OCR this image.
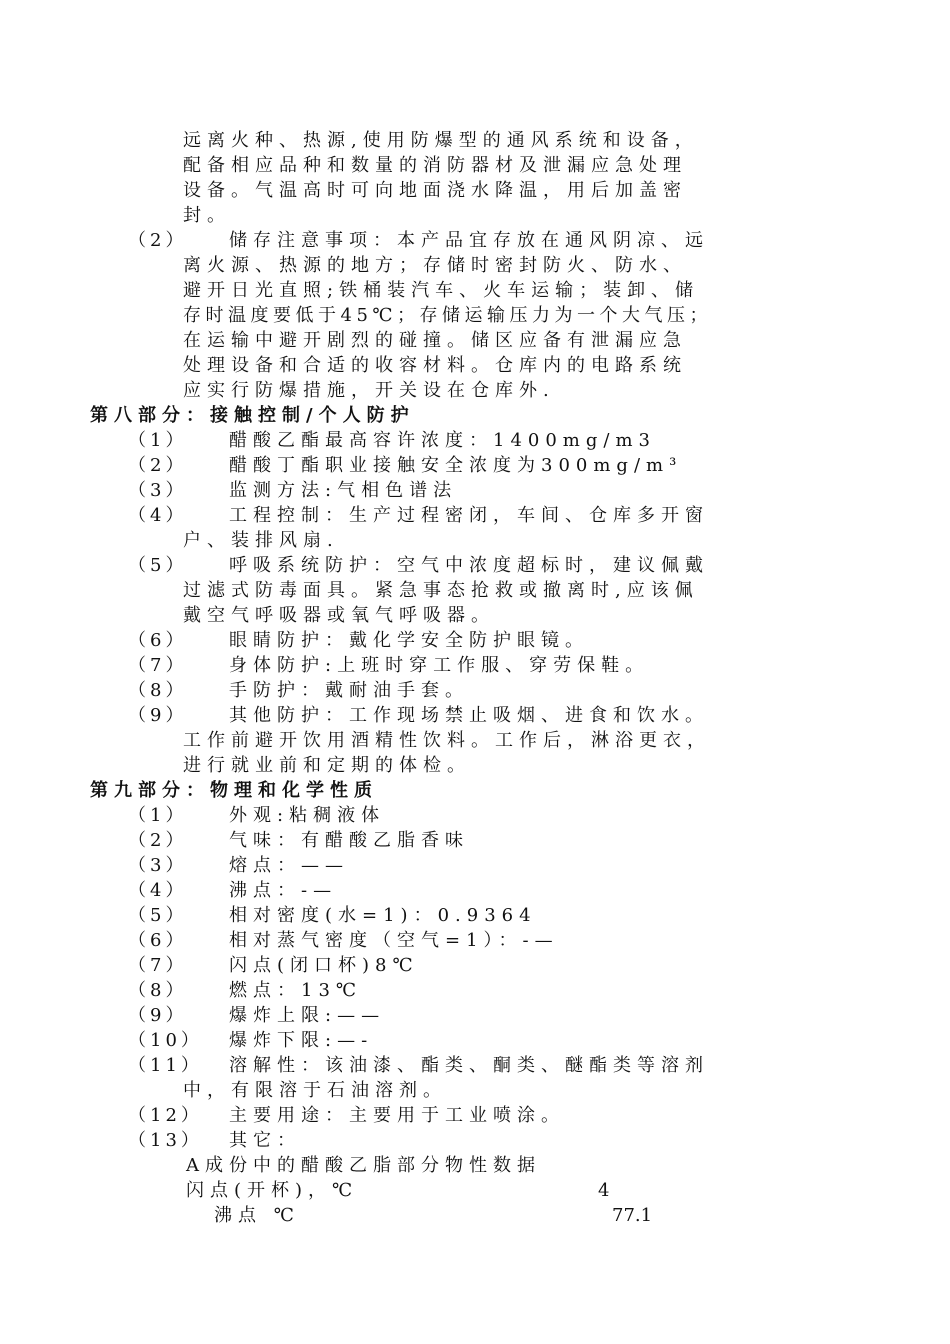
远离火种、热源,使用防爆型的通风系统和设备，
配备相应品种和数量的消防器材及泄漏应急处理
设备。气温高时可向地面浇水降温，用后加盖密
封。
（2） 储存注意事项：本产品宜存放在通风阴凉、远
离火源、热源的地方；存储时密封防火、防水、
避开日光直照;铁桶装汽车、火车运输；装卸、储
存时温度要低于45℃；存储运输压力为一个大气压；
在运输中避开剧烈的碰撞。储区应备有泄漏应急
处理设备和合适的收容材料。仓库内的电路系统
应实行防爆措施，开关设在仓库外.
第八部分：接触控制/个人防护
（1） 醋酸乙酯最高容许浓度：1400mg/m3
（2） 醋酸丁酯职业接触安全浓度为300mg/m³
（3） 监测方法:气相色谱法
（4） 工程控制：生产过程密闭，车间、仓库多开窗
户、装排风扇.
（5） 呼吸系统防护：空气中浓度超标时，建议佩戴
过滤式防毒面具。紧急事态抢救或撤离时,应该佩
戴空气呼吸器或氧气呼吸器。
（6） 眼睛防护：戴化学安全防护眼镜。
（7） 身体防护:上班时穿工作服、穿劳保鞋。
（8） 手防护：戴耐油手套。
（9） 其他防护：工作现场禁止吸烟、进食和饮水。
工作前避开饮用酒精性饮料。工作后，淋浴更衣，
进行就业前和定期的体检。
第九部分：物理和化学性质
（1） 外观:粘稠液体
（2） 气味：有醋酸乙脂香味
（3） 熔点：——
（4） 沸点：-—
（5） 相对密度(水=1)：0.9364
（6） 相对蒸气密度（空气=1）：-—
（7） 闪点(闭口杯)8℃
（8） 燃点：13℃
（9） 爆炸上限:——
（10） 爆炸下限:—-
（11） 溶解性：该油漆、酯类、酮类、醚酯类等溶剂
中，有限溶于石油溶剂。
（12） 主要用途：主要用于工业喷涂。
（13） 其它：
A成份中的醋酸乙脂部分物性数据
闪点(开杯)，℃	4
沸点 ℃	77.1
